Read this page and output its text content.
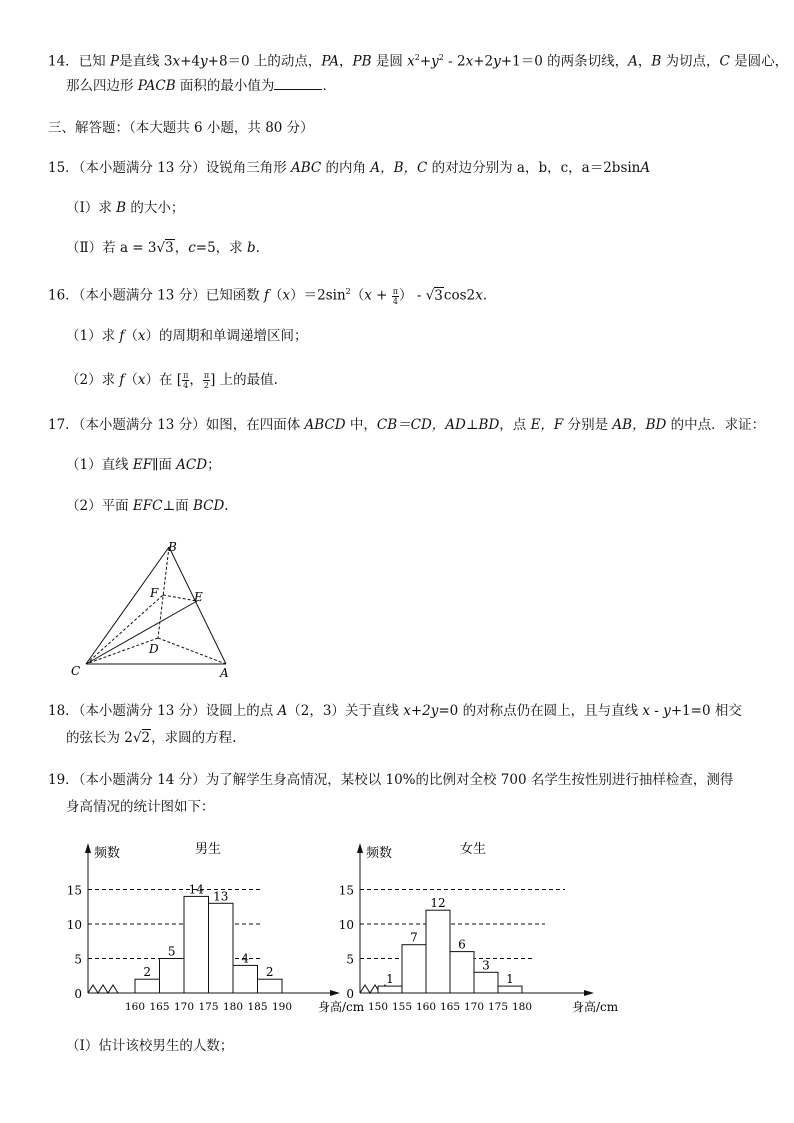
14．已知 P是直线 3x+4y+8＝0 上的动点，PA，PB 是圆 $x^2+y^2 - 2x+2y+1=0$ 的两条切线，A，B 为切点，C 是圆心，
那么四边形 PACB 面积的最小值为	．
三、解答题：（本大题共 6 小题，共 80 分）
15．（本小题满分 13 分）设锐角三角形 ABC 的内角 A，B，C 的对边分别为 a，b，c，a＝2bsinA
（Ⅰ）求 B 的大小；
（Ⅱ）若 a = 3√3，c=5，求 b.
16．（本小题满分 13 分）已知函数 $f(x)=2\sin^2(x + \frac{\pi}{4}$ ） - √3cos2x.
（1）求 f（x）的周期和单调递增区间；
（2）求 f（x）在 [ $\frac{\pi}{4}$ ， $\frac{\pi}{2}$ ] 上的最值.
17．（本小题满分 13 分）如图，在四面体 ABCD 中，CB＝CD，AD⊥BD，点 E，F 分别是 AB，BD 的中点．求证：
（1）直线 EF∥面 ACD；
（2）平面 EFC⊥面 BCD.
B
F	E
D
C	A
18．（本小题满分 13 分）设圆上的点 A（2，3）关于直线 x+2y=0 的对称点仍在圆上，且与直线 x - y+1=0 相交
的弦长为 2√2，求圆的方程.
19．（本小题满分 14 分）为了解学生身高情况，某校以 10%的比例对全校 700 名学生按性别进行抽样检查，测得
身高情况的统计图如下：
频数	男生
身高/cm
0
5
10
15
2
5
14 13
4
2
160 165 170 175 180 185 190
频数	女生
身高/cm
0
5
10
15
1
7
12
6
3
1
150 155 160 165 170 175 180
（Ⅰ）估计该校男生的人数；
